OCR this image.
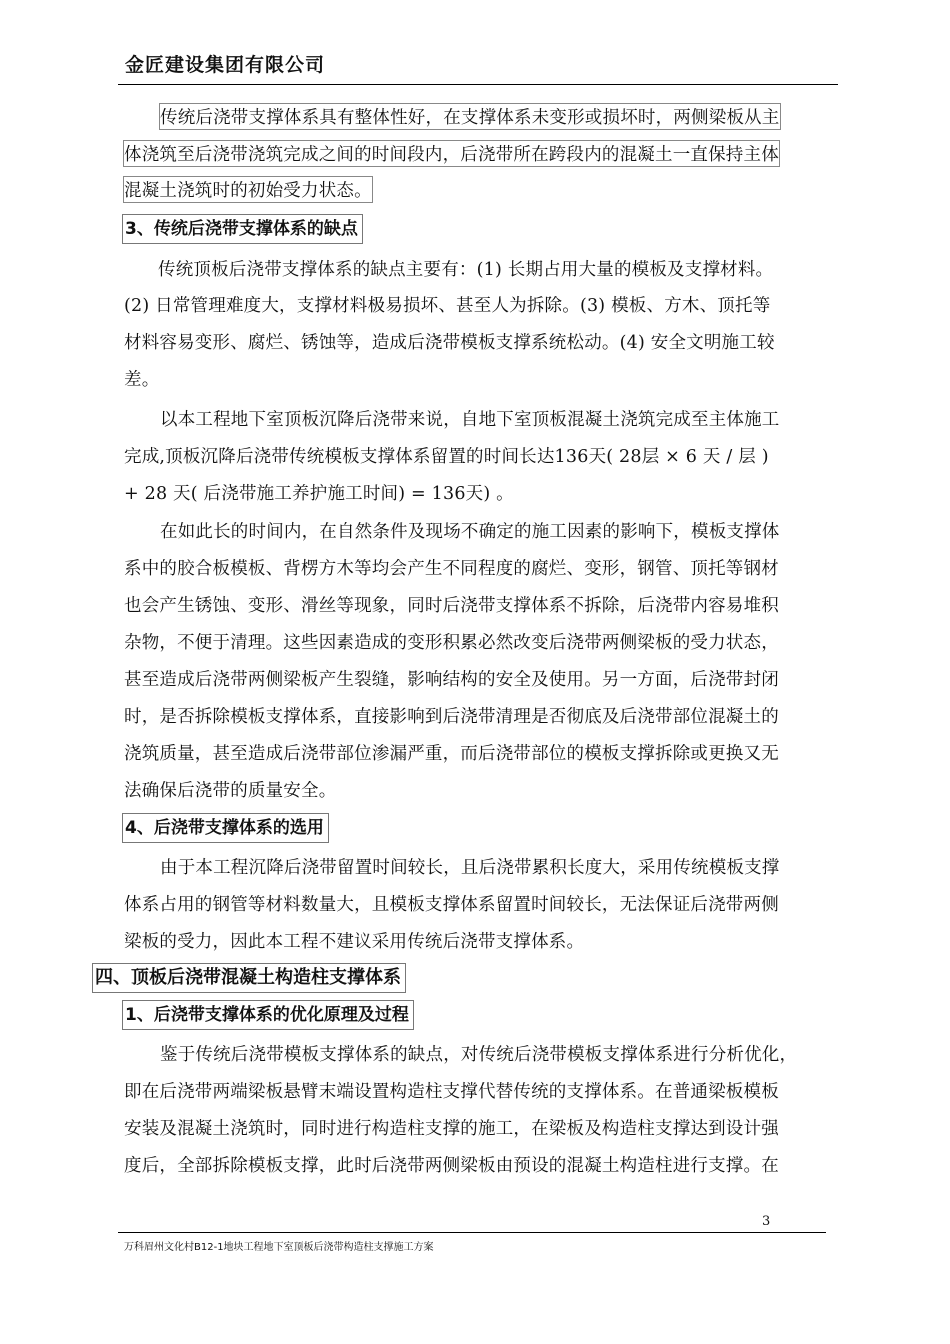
金匠建设集团有限公司
传统后浇带支撑体系具有整体性好，在支撑体系未变形或损坏时，两侧梁板从主
体浇筑至后浇带浇筑完成之间的时间段内，后浇带所在跨段内的混凝土一直保持主体
混凝土浇筑时的初始受力状态。
3、传统后浇带支撑体系的缺点
传统顶板后浇带支撑体系的缺点主要有：(1) 长期占用大量的模板及支撑材料。
(2) 日常管理难度大，支撑材料极易损坏、甚至人为拆除。(3) 模板、方木、顶托等
材料容易变形、腐烂、锈蚀等，造成后浇带模板支撑系统松动。(4) 安全文明施工较
差。
以本工程地下室顶板沉降后浇带来说，自地下室顶板混凝土浇筑完成至主体施工
完成,顶板沉降后浇带传统模板支撑体系留置的时间长达136天( 28层 × 6 天 / 层 )
+ 28 天( 后浇带施工养护施工时间) = 136天) 。
在如此长的时间内，在自然条件及现场不确定的施工因素的影响下，模板支撑体
系中的胶合板模板、背楞方木等均会产生不同程度的腐烂、变形，钢管、顶托等钢材
也会产生锈蚀、变形、滑丝等现象，同时后浇带支撑体系不拆除，后浇带内容易堆积
杂物，不便于清理。这些因素造成的变形积累必然改变后浇带两侧梁板的受力状态，
甚至造成后浇带两侧梁板产生裂缝，影响结构的安全及使用。另一方面，后浇带封闭
时，是否拆除模板支撑体系，直接影响到后浇带清理是否彻底及后浇带部位混凝土的
浇筑质量，甚至造成后浇带部位渗漏严重，而后浇带部位的模板支撑拆除或更换又无
法确保后浇带的质量安全。
4、后浇带支撑体系的选用
由于本工程沉降后浇带留置时间较长，且后浇带累积长度大，采用传统模板支撑
体系占用的钢管等材料数量大，且模板支撑体系留置时间较长，无法保证后浇带两侧
梁板的受力，因此本工程不建议采用传统后浇带支撑体系。
四、顶板后浇带混凝土构造柱支撑体系
1、后浇带支撑体系的优化原理及过程
鉴于传统后浇带模板支撑体系的缺点，对传统后浇带模板支撑体系进行分析优化，
即在后浇带两端梁板悬臂末端设置构造柱支撑代替传统的支撑体系。在普通梁板模板
安装及混凝土浇筑时，同时进行构造柱支撑的施工，在梁板及构造柱支撑达到设计强
度后，全部拆除模板支撑，此时后浇带两侧梁板由预设的混凝土构造柱进行支撑。在
3
万科眉州文化村B12-1地块工程地下室顶板后浇带构造柱支撑施工方案
